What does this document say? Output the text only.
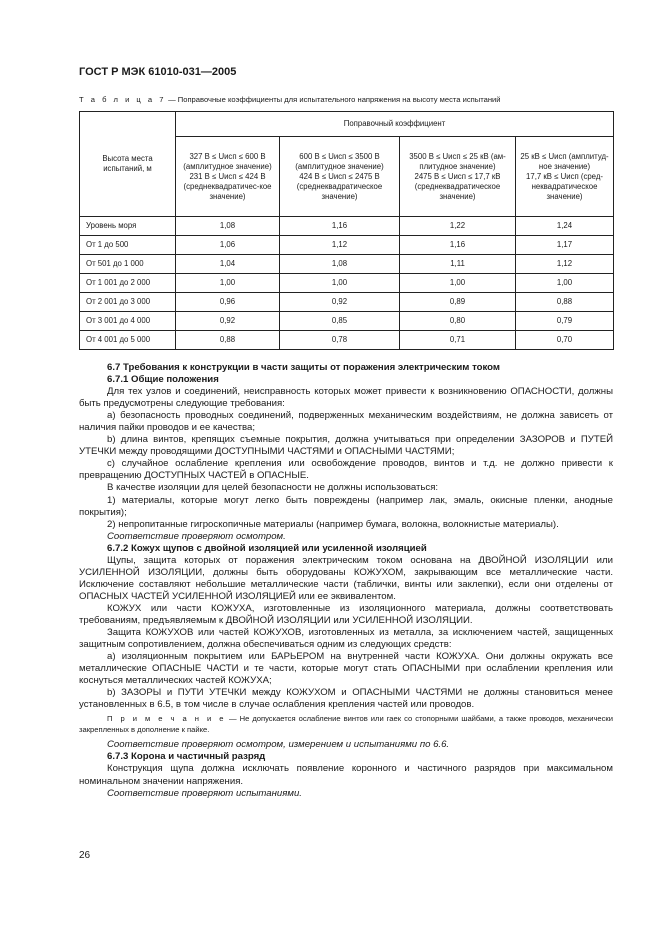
ГОСТ Р МЭК 61010-031—2005
Т а б л и ц а 7 — Поправочные коэффициенты для испытательного напряжения на высоту места испытаний
Высота места испытаний, м	Поправочный коэффициент			
	327 В ≤ Uисп ≤ 600 В
(амплитудное значение)
231 В ≤ Uисп ≤ 424 В
(среднеквадратичес-кое значение)	600 В ≤ Uисп ≤ 3500 В
(амплитудное значение)
424 В ≤ Uисп ≤ 2475 В
(среднеквадратическое значение)	3500 В ≤ Uисп ≤ 25 кВ (ам-плитудное значение)
2475 В ≤ Uисп ≤ 17,7 кВ
(среднеквадратическое значение)	25 кВ ≤ Uисп (амплитуд-ное значение)
17,7 кВ ≤ Uисп (сред-неквадратическое значение)
Уровень моря	1,08	1,16	1,22	1,24
От 1 до 500	1,06	1,12	1,16	1,17
От 501 до 1 000	1,04	1,08	1,11	1,12
От 1 001 до 2 000	1,00	1,00	1,00	1,00
От 2 001 до 3 000	0,96	0,92	0,89	0,88
От 3 001 до 4 000	0,92	0,85	0,80	0,79
От 4 001 до 5 000	0,88	0,78	0,71	0,70

6.7 Требования к конструкции в части защиты от поражения электрическим током

6.7.1 Общие положения

Для тех узлов и соединений, неисправность которых может привести к возникновению ОПАСНОСТИ, должны быть предусмотрены следующие требования:

а) безопасность проводных соединений, подверженных механическим воздействиям, не должна зависеть от наличия пайки проводов и ее качества;

b) длина винтов, крепящих съемные покрытия, должна учитываться при определении ЗАЗОРОВ и ПУТЕЙ УТЕЧКИ между проводящими ДОСТУПНЫМИ ЧАСТЯМИ и ОПАСНЫМИ ЧАСТЯМИ;

c) случайное ослабление крепления или освобождение проводов, винтов и т.д. не должно привести к превращению ДОСТУПНЫХ ЧАСТЕЙ в ОПАСНЫЕ.

В качестве изоляции для целей безопасности не должны использоваться:

1) материалы, которые могут легко быть повреждены (например лак, эмаль, окисные пленки, анодные покрытия);

2) непропитанные гигроскопичные материалы (например бумага, волокна, волокнистые материалы).

Соответствие проверяют осмотром.

6.7.2 Кожух щупов с двойной изоляцией или усиленной изоляцией

Щупы, защита которых от поражения электрическим током основана на ДВОЙНОЙ ИЗОЛЯЦИИ или УСИЛЕННОЙ ИЗОЛЯЦИИ, должны быть оборудованы КОЖУХОМ, закрывающим все металлические части. Исключение составляют небольшие металлические части (таблички, винты или заклепки), если они отделены от ОПАСНЫХ ЧАСТЕЙ УСИЛЕННОЙ ИЗОЛЯЦИЕЙ или ее эквивалентом.

КОЖУХ или части КОЖУХА, изготовленные из изоляционного материала, должны соответствовать требованиям, предъявляемым к ДВОЙНОЙ ИЗОЛЯЦИИ или УСИЛЕННОЙ ИЗОЛЯЦИИ.

Защита КОЖУХОВ или частей КОЖУХОВ, изготовленных из металла, за исключением частей, защищенных защитным сопротивлением, должна обеспечиваться одним из следующих средств:

а) изоляционным покрытием или БАРЬЕРОМ на внутренней части КОЖУХА. Они должны окружать все металлические ОПАСНЫЕ ЧАСТИ и те части, которые могут стать ОПАСНЫМИ при ослаблении крепления или коснуться металлических частей КОЖУХА;

b) ЗАЗОРЫ и ПУТИ УТЕЧКИ между КОЖУХОМ и ОПАСНЫМИ ЧАСТЯМИ не должны становиться менее установленных в 6.5, в том числе в случае ослабления крепления частей или проводов.

П р и м е ч а н и е — Не допускается ослабление винтов или гаек со стопорными шайбами, а также проводов, механически закрепленных в дополнение к пайке.

Соответствие проверяют осмотром, измерением и испытаниями по 6.6.

6.7.3 Корона и частичный разряд

Конструкция щупа должна исключать появление коронного и частичного разрядов при максимальном номинальном значении напряжения.

Соответствие проверяют испытаниями.

26
